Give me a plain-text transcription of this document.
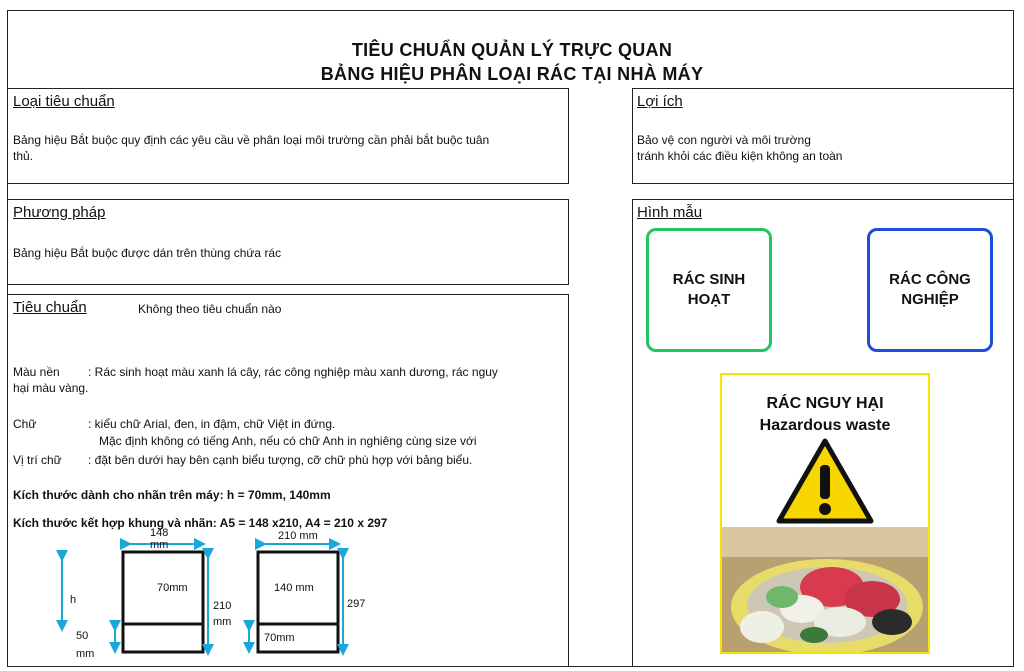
TIÊU CHUẨN QUẢN LÝ TRỰC QUAN
BẢNG HIỆU PHÂN LOẠI RÁC TẠI NHÀ MÁY
Loại tiêu chuẩn
Bảng hiệu Bắt buộc quy định các yêu cầu về phân loại môi trường cần phải bắt buộc tuân
thủ.
Lợi ích
Bảo vệ con người và môi trường
tránh khỏi các điều kiện không an toàn
Phương pháp
Bảng hiệu Bắt buộc được dán trên thùng chứa rác
Tiêu chuẩn	Không theo tiêu chuẩn nào
Màu nền : Rác sinh hoạt màu xanh lá cây, rác công nghiệp màu xanh dương, rác nguy
hại màu vàng.
Chữ	: kiểu chữ Arial, đen, in đậm, chữ Việt in đứng.
Mặc định không có tiếng Anh, nếu có chữ Anh in nghiêng cùng size với
Vị trí chữ : đặt bên dưới hay bên cạnh biểu tượng, cỡ chữ phù hợp với bảng biểu.
Kích thước dành cho nhãn trên máy: h = 70mm, 140mm
Kích thước kết hợp khung và nhãn: A5 = 148 x210, A4 = 210 x 297
h
50
mm
148
mm
70mm
210
mm
210 mm
140 mm
70mm
297
Hình mẫu
RÁC SINH
HOẠT
RÁC CÔNG
NGHIỆP
RÁC NGUY HẠI
Hazardous waste
